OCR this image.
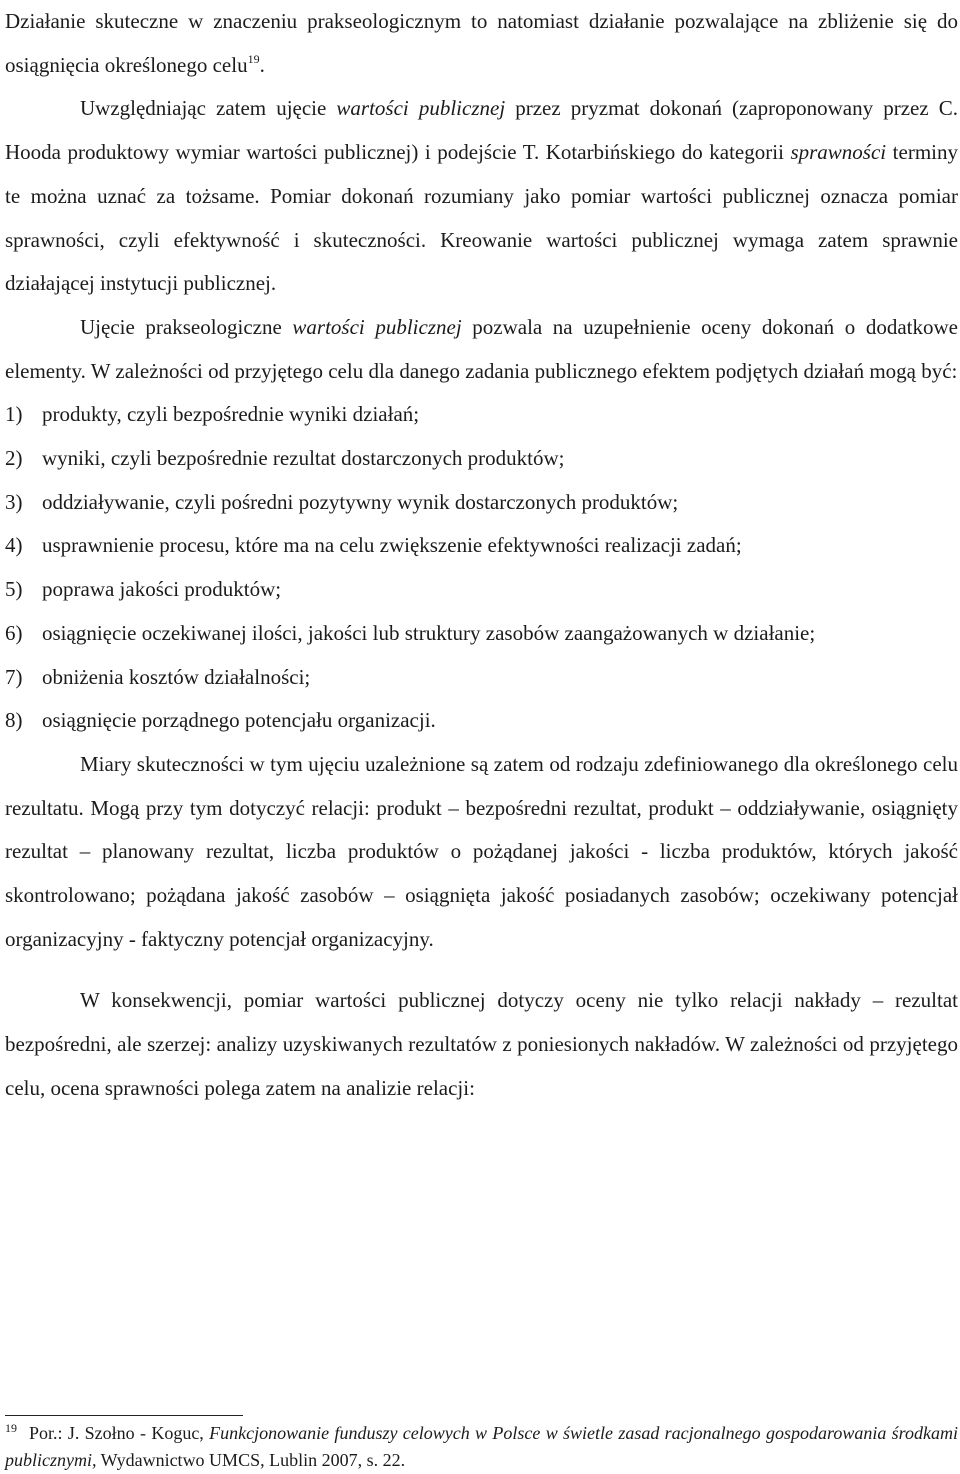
Działanie skuteczne w znaczeniu prakseologicznym to natomiast działanie pozwalające na zbliżenie się do osiągnięcia określonego celu$^{19}$.

Uwzględniając zatem ujęcie wartości publicznej przez pryzmat dokonań (zaproponowany przez C. Hooda produktowy wymiar wartości publicznej) i podejście T. Kotarbińskiego do kategorii sprawności terminy te można uznać za tożsame. Pomiar dokonań rozumiany jako pomiar wartości publicznej oznacza pomiar sprawności, czyli efektywność i skuteczności. Kreowanie wartości publicznej wymaga zatem sprawnie działającej instytucji publicznej.

Ujęcie prakseologiczne wartości publicznej pozwala na uzupełnienie oceny dokonań o dodatkowe elementy. W zależności od przyjętego celu dla danego zadania publicznego efektem podjętych działań mogą być:

1) produkty, czyli bezpośrednie wyniki działań;
2) wyniki, czyli bezpośrednie rezultat dostarczonych produktów;
3) oddziaływanie, czyli pośredni pozytywny wynik dostarczonych produktów;
4) usprawnienie procesu, które ma na celu zwiększenie efektywności realizacji zadań;
5) poprawa jakości produktów;
6) osiągnięcie oczekiwanej ilości, jakości lub struktury zasobów zaangażowanych w działanie;
7) obniżenia kosztów działalności;
8) osiągnięcie porządnego potencjału organizacji.

Miary skuteczności w tym ujęciu uzależnione są zatem od rodzaju zdefiniowanego dla określonego celu rezultatu. Mogą przy tym dotyczyć relacji: produkt – bezpośredni rezultat, produkt – oddziaływanie, osiągnięty rezultat – planowany rezultat, liczba produktów o pożądanej jakości - liczba produktów, których jakość skontrolowano; pożądana jakość zasobów – osiągnięta jakość posiadanych zasobów; oczekiwany potencjał organizacyjny - faktyczny potencjał organizacyjny.

W konsekwencji, pomiar wartości publicznej dotyczy oceny nie tylko relacji nakłady – rezultat bezpośredni, ale szerzej: analizy uzyskiwanych rezultatów z poniesionych nakładów. W zależności od przyjętego celu, ocena sprawności polega zatem na analizie relacji:

$^{19}$ Por.: J. Szołno - Koguc, Funkcjonowanie funduszy celowych w Polsce w świetle zasad racjonalnego gospodarowania środkami publicznymi, Wydawnictwo UMCS, Lublin 2007, s. 22.
